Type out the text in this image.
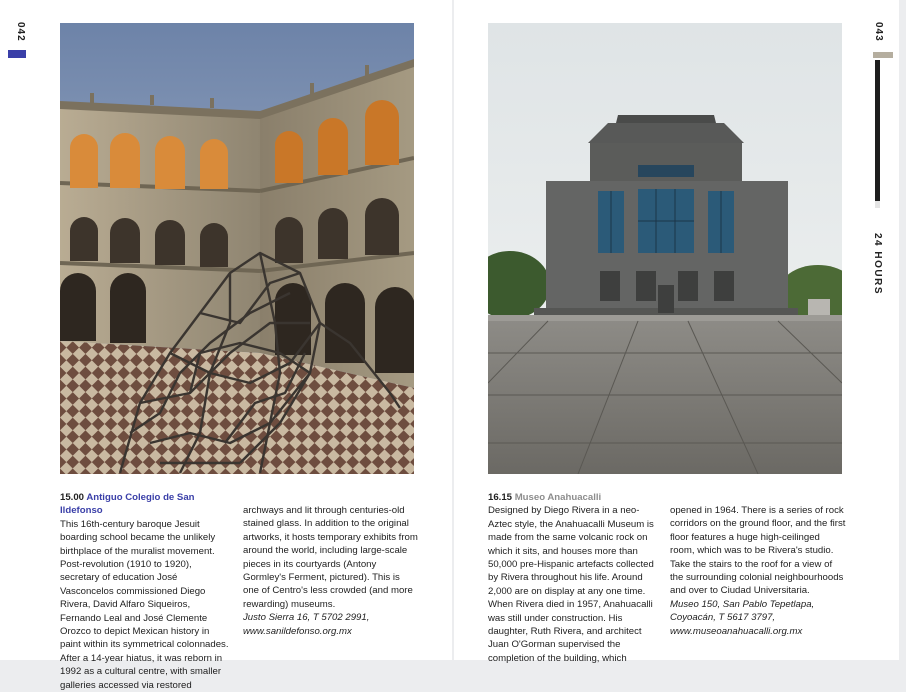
042

15.00 Antiguo Colegio de San Ildefonso

This 16th-century baroque Jesuit boarding school became the unlikely birthplace of the muralist movement. Post-revolution (1910 to 1920), secretary of education José Vasconcelos commissioned Diego Rivera, David Alfaro Siqueiros, Fernando Leal and José Clemente Orozco to depict Mexican history in paint within its symmetrical colonnades. After a 14-year hiatus, it was reborn in 1992 as a cultural centre, with smaller galleries accessed via restored

archways and lit through centuries-old stained glass. In addition to the original artworks, it hosts temporary exhibits from around the world, including large-scale pieces in its courtyards (Antony Gormley's Ferment, pictured). This is one of Centro's less crowded (and more rewarding) museums.

Justo Sierra 16, T 5702 2991, www.sanildefonso.org.mx

043
24 HOURS

16.15 Museo Anahuacalli

Designed by Diego Rivera in a neo-Aztec style, the Anahuacalli Museum is made from the same volcanic rock on which it sits, and houses more than 50,000 pre-Hispanic artefacts collected by Rivera throughout his life. Around 2,000 are on display at any one time. When Rivera died in 1957, Anahuacalli was still under construction. His daughter, Ruth Rivera, and architect Juan O'Gorman supervised the completion of the building, which

opened in 1964. There is a series of rock corridors on the ground floor, and the first floor features a huge high-ceilinged room, which was to be Rivera's studio. Take the stairs to the roof for a view of the surrounding colonial neighbourhoods and over to Ciudad Universitaria.

Museo 150, San Pablo Tepetlapa, Coyoacán, T 5617 3797, www.museoanahuacalli.org.mx
